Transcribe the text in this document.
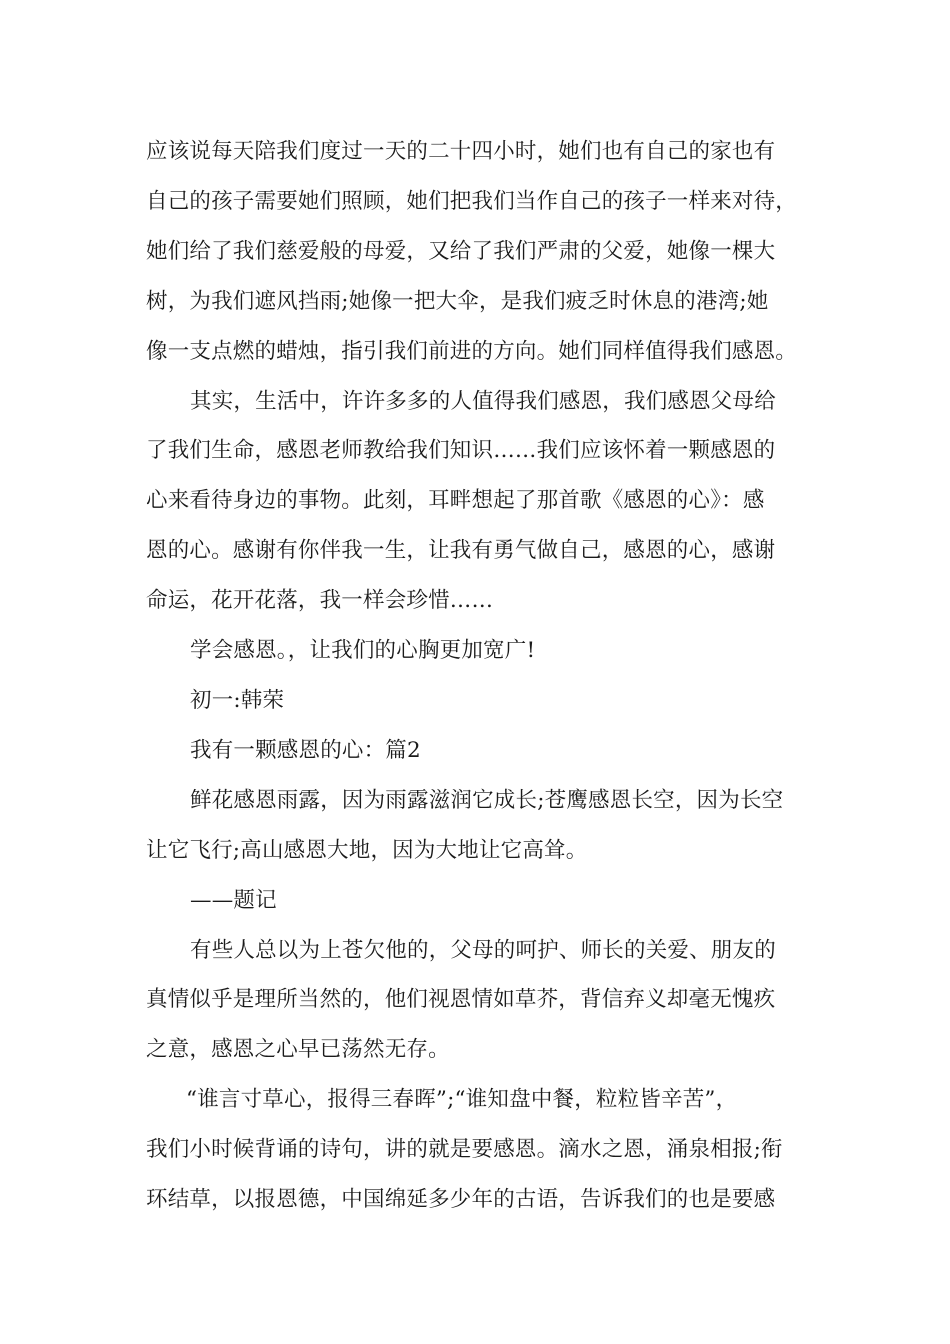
应该说每天陪我们度过一天的二十四小时，她们也有自己的家也有
自己的孩子需要她们照顾，她们把我们当作自己的孩子一样来对待，
她们给了我们慈爱般的母爱，又给了我们严肃的父爱，她像一棵大
树，为我们遮风挡雨;她像一把大伞，是我们疲乏时休息的港湾;她
像一支点燃的蜡烛，指引我们前进的方向。她们同样值得我们感恩。
其实，生活中，许许多多的人值得我们感恩，我们感恩父母给
了我们生命，感恩老师教给我们知识……我们应该怀着一颗感恩的
心来看待身边的事物。此刻，耳畔想起了那首歌《感恩的心》：感
恩的心。感谢有你伴我一生，让我有勇气做自己，感恩的心，感谢
命运，花开花落，我一样会珍惜……
学会感恩。，让我们的心胸更加宽广!
初一:韩荣
我有一颗感恩的心：篇2
鲜花感恩雨露，因为雨露滋润它成长;苍鹰感恩长空，因为长空
让它飞行;高山感恩大地，因为大地让它高耸。
——题记
有些人总以为上苍欠他的，父母的呵护、师长的关爱、朋友的
真情似乎是理所当然的，他们视恩情如草芥，背信弃义却毫无愧疚
之意，感恩之心早已荡然无存。
“谁言寸草心，报得三春晖”;“谁知盘中餐，粒粒皆辛苦”，
我们小时候背诵的诗句，讲的就是要感恩。滴水之恩，涌泉相报;衔
环结草，以报恩德，中国绵延多少年的古语，告诉我们的也是要感
